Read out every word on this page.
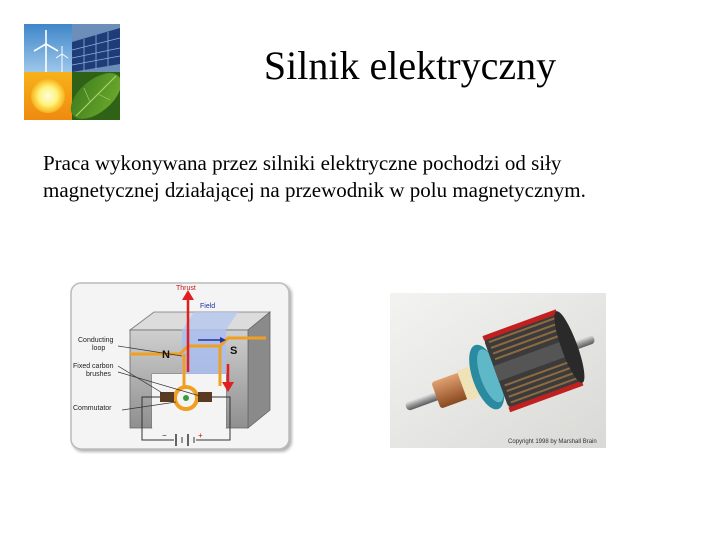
Silnik elektryczny
Praca wykonywana przez silniki elektryczne pochodzi od siły magnetycznej działającej na przewodnik w polu magnetycznym.
Thrust
Field
Conducting
loop
Fixed carbon
brushes
Commutator
−	+
N	S
Copyright 1998 by Marshall Brain
